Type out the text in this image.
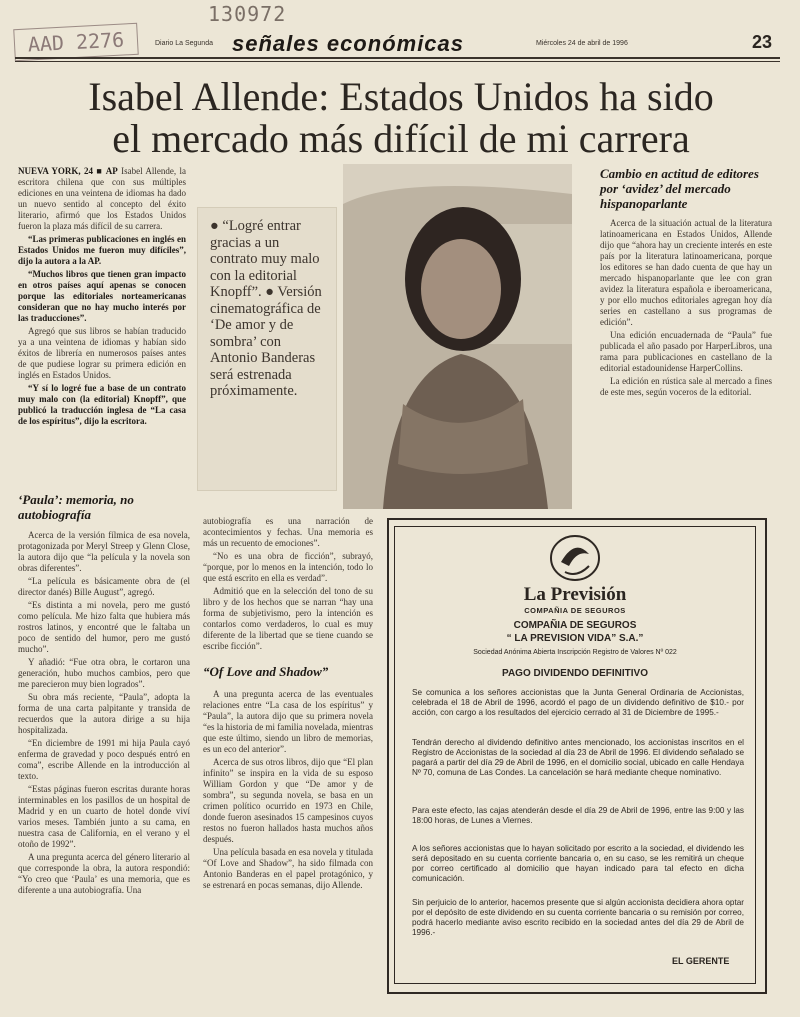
130972
AAD 2276	Diario La Segunda señales económicas	Miércoles 24 de abril de 1996	23
Isabel Allende: Estados Unidos ha sido
el mercado más difícil de mi carrera

NUEVA YORK, 24 ■ AP Isabel Allende, la escritora chilena que con sus múltiples ediciones en una veintena de idiomas ha dado un nuevo sentido al concepto del éxito literario, afirmó que los Estados Unidos fueron la plaza más difícil de su carrera.

“Las primeras publicaciones en inglés en Estados Unidos me fueron muy difíciles”, dijo la autora a la AP.

“Muchos libros que tienen gran impacto en otros países aquí apenas se conocen porque las editoriales norteamericanas consideran que no hay mucho interés por las traducciones”.

Agregó que sus libros se habían traducido ya a una veintena de idiomas y habían sido éxitos de librería en numerosos países antes de que pudiese lograr su primera edición en inglés en Estados Unidos.

“Y sí lo logré fue a base de un contrato muy malo con (la editorial) Knopff”, que publicó la traducción inglesa de “La casa de los espíritus”, dijo la escritora.

● “Logré entrar gracias a un contrato muy malo con la editorial Knopff”. ● Versión cinematográfica de ‘De amor y de sombra’ con Antonio Banderas será estrenada próximamente.
Cambio en actitud de editores por ‘avidez’ del mercado hispanoparlante

Acerca de la situación actual de la literatura latinoamericana en Estados Unidos, Allende dijo que “ahora hay un creciente interés en este país por la literatura latinoamericana, porque los editores se han dado cuenta de que hay un mercado hispanoparlante que lee con gran avidez la literatura española e iberoamericana, y por ello muchos editoriales agregan hoy día series en castellano a sus programas de edición”.

Una edición encuadernada de “Paula” fue publicada el año pasado por HarperLibros, una rama para publicaciones en castellano de la editorial estadounidense HarperCollins.

La edición en rústica sale al mercado a fines de este mes, según voceros de la editorial.

‘Paula’: memoria, no autobiografía

Acerca de la versión fílmica de esa novela, protagonizada por Meryl Streep y Glenn Close, la autora dijo que “la película y la novela son obras diferentes”.

“La película es básicamente obra de (el director danés) Bille August”, agregó.

“Es distinta a mi novela, pero me gustó como película. Me hizo falta que hubiera más rostros latinos, y encontré que le faltaba un poco de sentido del humor, pero me gustó mucho”.

Y añadió: “Fue otra obra, le cortaron una generación, hubo muchos cambios, pero que me parecieron muy bien logrados”.

Su obra más reciente, “Paula”, adopta la forma de una carta palpitante y transida de recuerdos que la autora dirige a su hija hospitalizada.

“En diciembre de 1991 mi hija Paula cayó enferma de gravedad y poco después entró en coma”, escribe Allende en la introducción al texto.

“Estas páginas fueron escritas durante horas interminables en los pasillos de un hospital de Madrid y en un cuarto de hotel donde viví varios meses. También junto a su cama, en nuestra casa de California, en el verano y el otoño de 1992”.

A una pregunta acerca del género literario al que corresponde la obra, la autora respondió: “Yo creo que ‘Paula’ es una memoria, que es diferente a una autobiografía. Una

autobiografía es una narración de acontecimientos y fechas. Una memoria es más un recuento de emociones”.

“No es una obra de ficción”, subrayó, “porque, por lo menos en la intención, todo lo que está escrito en ella es verdad”.

Admitió que en la selección del tono de su libro y de los hechos que se narran “hay una forma de subjetivismo, pero la intención es contarlos como verdaderos, lo cual es muy diferente de la libertad que se tiene cuando se escribe ficción”.

“Of Love and Shadow”

A una pregunta acerca de las eventuales relaciones entre “La casa de los espíritus” y “Paula”, la autora dijo que su primera novela “es la historia de mi familia novelada, mientras que este último, siendo un libro de memorias, es un eco del anterior”.

Acerca de sus otros libros, dijo que “El plan infinito” se inspira en la vida de su esposo William Gordon y que “De amor y de sombra”, su segunda novela, se basa en un crimen político ocurrido en 1973 en Chile, donde fueron asesinados 15 campesinos cuyos restos no fueron hallados hasta muchos años después.

Una película basada en esa novela y titulada “Of Love and Shadow”, ha sido filmada con Antonio Banderas en el papel protagónico, y se estrenará en pocas semanas, dijo Allende.

La Previsión
COMPAÑIA DE SEGUROS
COMPAÑIA DE SEGUROS
“ LA PREVISION VIDA” S.A.”
Sociedad Anónima Abierta Inscripción Registro de Valores Nº 022
PAGO DIVIDENDO DEFINITIVO
Se comunica a los señores accionistas que la Junta General Ordinaria de Accionistas, celebrada el 18 de Abril de 1996, acordó el pago de un dividendo definitivo de $10.- por acción, con cargo a los resultados del ejercicio cerrado al 31 de Diciembre de 1995.-
Tendrán derecho al dividendo definitivo antes mencionado, los accionistas inscritos en el Registro de Accionistas de la sociedad al día 23 de Abril de 1996. El dividendo señalado se pagará a partir del día 29 de Abril de 1996, en el domicilio social, ubicado en calle Hendaya Nº 70, comuna de Las Condes. La cancelación se hará mediante cheque nominativo.
Para este efecto, las cajas atenderán desde el día 29 de Abril de 1996, entre las 9:00 y las 18:00 horas, de Lunes a Viernes.
A los señores accionistas que lo hayan solicitado por escrito a la sociedad, el dividendo les será depositado en su cuenta corriente bancaria o, en su caso, se les remitirá un cheque por correo certificado al domicilio que hayan indicado para tal efecto en dicha comunicación.
Sin perjuicio de lo anterior, hacemos presente que si algún accionista decidiera ahora optar por el depósito de este dividendo en su cuenta corriente bancaria o su remisión por correo, podrá hacerlo mediante aviso escrito recibido en la sociedad antes del día 29 de Abril de 1996.-
EL GERENTE
